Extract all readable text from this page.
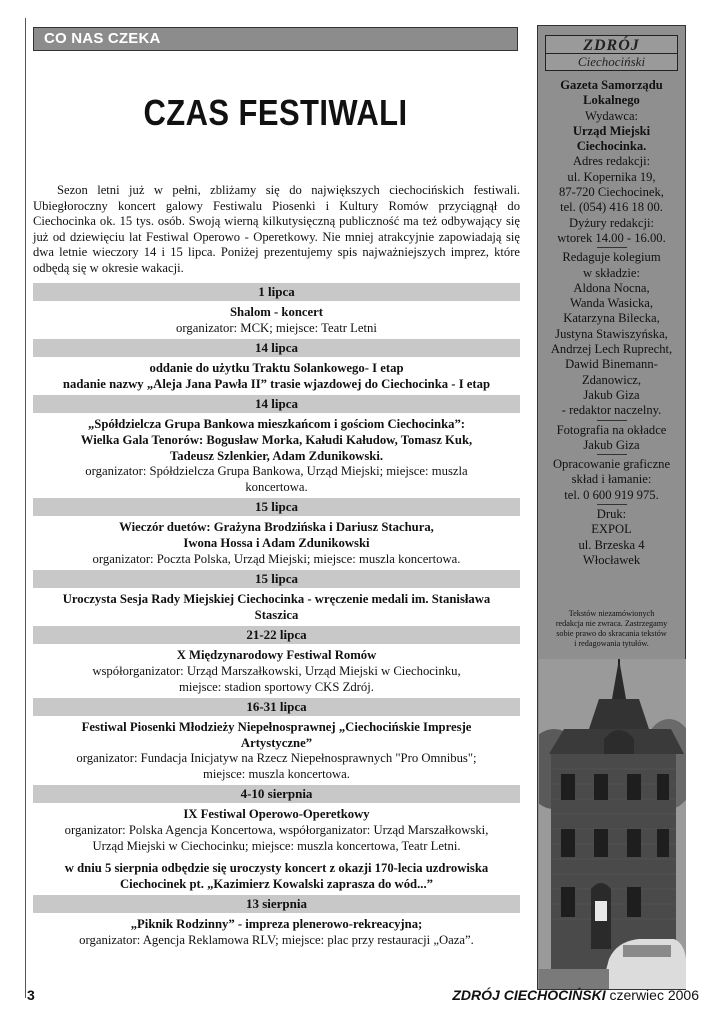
CO NAS CZEKA
CZAS FESTIWALI
Sezon letni już w pełni, zbliżamy się do największych ciechocińskich festiwali. Ubiegłoroczny koncert galowy Festiwalu Piosenki i Kultury Romów przyciągnął do Ciechocinka ok. 15 tys. osób. Swoją wierną kilkutysięczną publiczność ma też odbywający się już od dziewięciu lat Festiwal Operowo - Operetkowy. Nie mniej atrakcyjnie zapowiadają się dwa letnie wieczory 14 i 15 lipca. Poniżej prezentujemy spis najważniejszych imprez, które odbędą się w okresie wakacji.
1 lipca
Shalom - koncert
organizator: MCK; miejsce: Teatr Letni
14 lipca
oddanie do użytku Traktu Solankowego- I etap
nadanie nazwy „Aleja Jana Pawła II” trasie wjazdowej do Ciechocinka - I etap
14 lipca
„Spółdzielcza Grupa Bankowa mieszkańcom i gościom Ciechocinka”:
Wielka Gala Tenorów: Bogusław Morka, Kałudi Kałudow, Tomasz Kuk,
Tadeusz Szlenkier, Adam Zdunikowski.
organizator: Spółdzielcza Grupa Bankowa, Urząd Miejski; miejsce: muszla
koncertowa.
15 lipca
Wieczór duetów: Grażyna Brodzińska i Dariusz Stachura,
Iwona Hossa i Adam Zdunikowski
organizator: Poczta Polska, Urząd Miejski; miejsce: muszla koncertowa.
15 lipca
Uroczysta Sesja Rady Miejskiej Ciechocinka - wręczenie medali im. Stanisława
Staszica
21-22 lipca
X Międzynarodowy Festiwal Romów
współorganizator: Urząd Marszałkowski, Urząd Miejski w Ciechocinku,
miejsce: stadion sportowy CKS Zdrój.
16-31 lipca
Festiwal Piosenki Młodzieży Niepełnosprawnej „Ciechocińskie Impresje
Artystyczne”
organizator: Fundacja Inicjatyw na Rzecz Niepełnosprawnych "Pro Omnibus";
miejsce: muszla koncertowa.
4-10 sierpnia
IX Festiwal Operowo-Operetkowy
organizator: Polska Agencja Koncertowa, współorganizator: Urząd Marszałkowski,
Urząd Miejski w Ciechocinku; miejsce: muszla koncertowa, Teatr Letni.
w dniu 5 sierpnia odbędzie się uroczysty koncert z okazji 170-lecia uzdrowiska
Ciechocinek pt. „Kazimierz Kowalski zaprasza do wód...”
13 sierpnia
„Piknik Rodzinny” - impreza plenerowo-rekreacyjna;
organizator: Agencja Reklamowa RLV; miejsce: plac przy restauracji „Oaza”.
ZDRÓJ
Ciechociński
Gazeta Samorządu
Lokalnego
Wydawca:
Urząd Miejski
Ciechocinka.
Adres redakcji:
ul. Kopernika 19,
87-720 Ciechocinek,
tel. (054) 416 18 00.
Dyżury redakcji:
wtorek 14.00 - 16.00.
Redaguje kolegium
w składzie:
Aldona Nocna,
Wanda Wasicka,
Katarzyna Bilecka,
Justyna Stawiszyńska,
Andrzej Lech Ruprecht,
Dawid Binemann-
Zdanowicz,
Jakub Giza
- redaktor naczelny.
Fotografia na okładce
Jakub Giza
Opracowanie graficzne
skład i łamanie:
tel. 0 600 919 975.
Druk:
EXPOL
ul. Brzeska 4
Włocławek
Tekstów niezamówionych
redakcja nie zwraca. Zastrzegamy
sobie prawo do skracania tekstów
i redagowania tytułów.
3	ZDRÓJ CIECHOCIŃSKI czerwiec 2006
